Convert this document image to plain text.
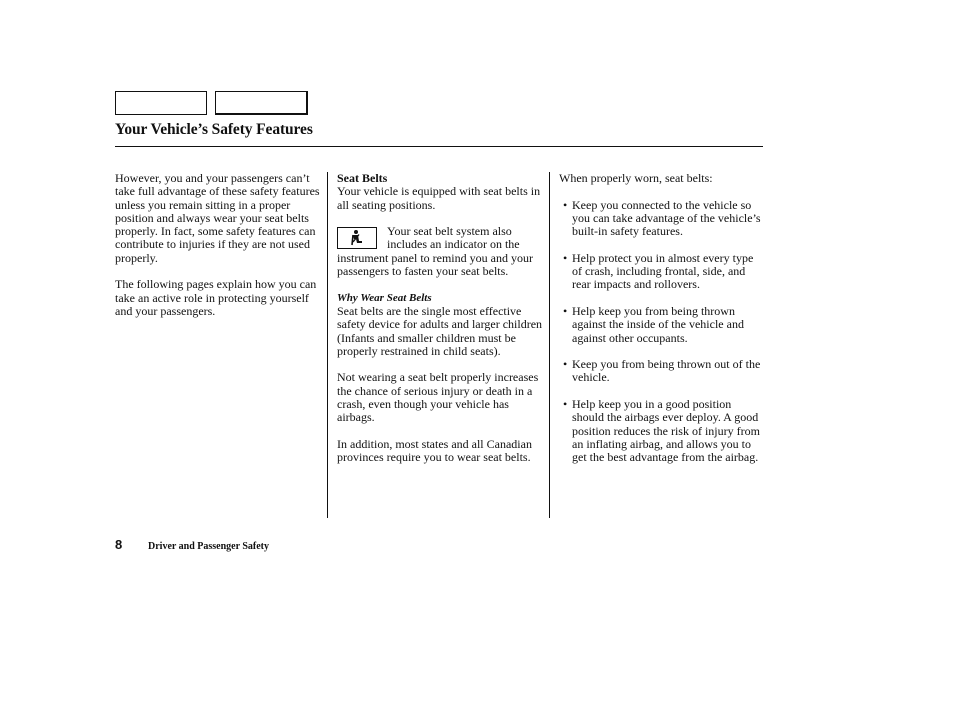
Your Vehicle’s Safety Features

However, you and your passengers can’t take full advantage of these safety features unless you remain sitting in a proper position and always wear your seat belts properly. In fact, some safety features can contribute to injuries if they are not used properly.

The following pages explain how you can take an active role in protecting yourself and your passengers.

Seat Belts

Your vehicle is equipped with seat belts in all seating positions.

Your seat belt system also includes an indicator on the instrument panel to remind you and your passengers to fasten your seat belts.

Why Wear Seat Belts

Seat belts are the single most effective safety device for adults and larger children (Infants and smaller children must be properly restrained in child seats).

Not wearing a seat belt properly increases the chance of serious injury or death in a crash, even though your vehicle has airbags.

In addition, most states and all Canadian provinces require you to wear seat belts.

When properly worn, seat belts:

• Keep you connected to the vehicle so you can take advantage of the vehicle’s built-in safety features.
• Help protect you in almost every type of crash, including frontal, side, and rear impacts and rollovers.
• Help keep you from being thrown against the inside of the vehicle and against other occupants.
• Keep you from being thrown out of the vehicle.
• Help keep you in a good position should the airbags ever deploy. A good position reduces the risk of injury from an inflating airbag, and allows you to get the best advantage from the airbag.
8	Driver and Passenger Safety
